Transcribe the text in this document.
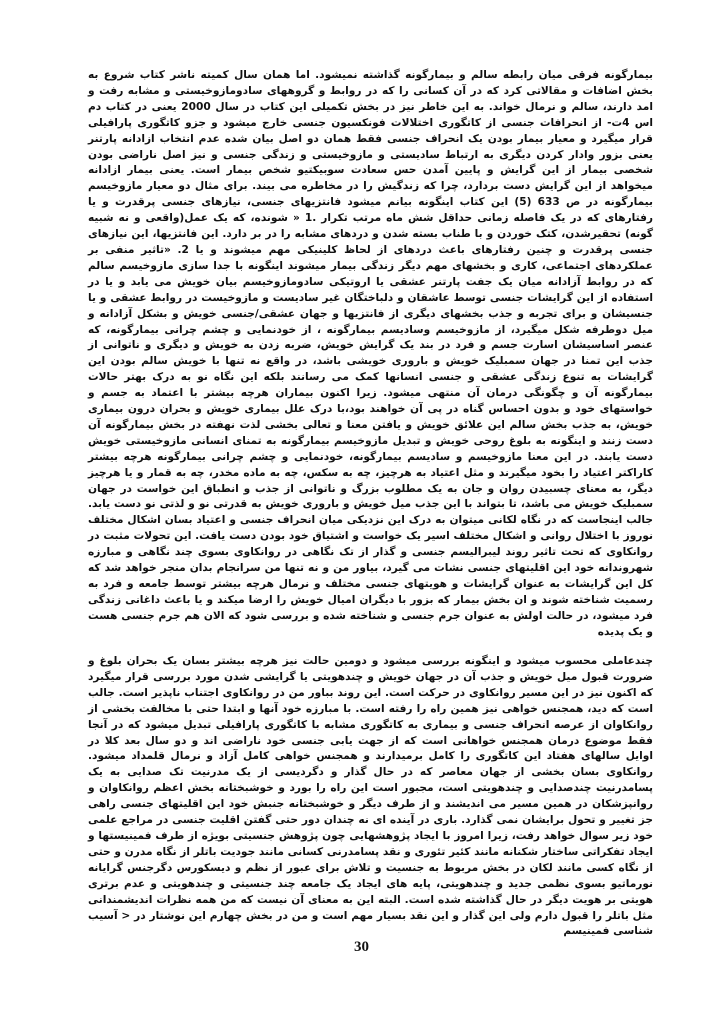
بیمارگونه فرقی میان رابطه سالم و بیمارگونه گذاشته نمیشود. اما همان سال کمیته ناشر کتاب شروع به بخش اضافات و مقالاتی کرد که در آن کسانی را که در روابط و گروههای سادومازوخیستی و مشابه رفت و امد دارند، سالم و نرمال خواند. به این خاطر نیز در بخش تکمیلی این کتاب در سال 2000 یعنی در کتاب دم اس 4ت- از انحرافات جنسی از کاتگوری اختلالات فونکسیون جنسی خارج میشود و جزو کاتگوری پارافیلی قرار میگیرد و معیار بیمار بودن یک انحراف جنسی فقط همان دو اصل بیان شده عدم انتخاب ازادانه پارتنر یعنی بزور وادار کردن دیگری به ارتباط سادیستی و مازوخیستی و زندگی جنسی و نیز اصل ناراضی بودن شخصی بیمار از این گرایش و پایین آمدن حس سعادت سوبیکتیو شخص بیمار است. یعنی بیمار ازادانه میخواهد از این گرایش دست بردارد، چرا که زندگیش را در مخاطره می بیند. برای مثال دو معیار مازوخیسم بیمارگونه در ص 633 (5) این کتاب اینگونه بیانم میشود فانتزیهای جنسی، نیازهای جنسی پرقدرت و یا رفتارهای که در یک فاصله زمانی حداقل شش ماه مرتب تکرار .1 « شونده، که یک عمل(واقعی و نه شبیه گونه) تحقیرشدن، کتک خوردن و با طناب بسته شدن و دردهای مشابه را در بر دارد. این فانتزیها، این نیازهای جنسی پرقدرت و چنین رفتارهای باعث دردهای از لحاظ کلینیکی مهم میشوند و یا 2. «تاثیر منفی بر عملکردهای اجتماعی، کاری و بخشهای مهم دیگر زندگی بیمار میشوند اینگونه با جدا سازی مازوخیسم سالم که در روابط آزادانه میان یک جفت پارتنر عشقی یا اروتیکی سادومازوخیسم بیان خویش می یابد و یا در استفاده از این گرایشات جنسی توسط عاشقان و دلباختگان غیر سادیست و مازوخیست در روابط عشقی و یا جنسیشان و برای تجربه و جذب بخشهای دیگری از فانتزیها و جهان عشقی/جنسی خویش و بشکل آزادانه و میل دوطرفه شکل میگیرد، از مازوخیسم وسادیسم بیمارگونه ، از خودنمایی و چشم چرانی بیمارگونه، که عنصر اساسیشان اسارت جسم و فرد در بند یک گرایش خویش، ضربه زدن به خویش و دیگری و ناتوانی از جذب این تمنا در جهان سمبلیک خویش و باروری خویشی باشد، در واقع نه تنها با خویش سالم بودن این گرایشات به تنوع زندگی عشقی و جنسی انسانها کمک می رسانند بلکه این نگاه نو به درک بهتر حالات بیمارگونه آن و چگونگی درمان آن منتهی میشود. زیرا اکنون بیماران هرچه بیشتر با اعتماد به جسم و خواستهای خود و بدون احساس گناه در پی آن خواهند بود،با درک علل بیماری خویش و بحران درون بیماری خویش، به جذب بخش سالم این علائق خویش و یافتن معنا و تعالی بخشی لذت نهفته در بخش بیمارگونه آن دست زنند و اینگونه به بلوغ روحی خویش و تبدیل مازوخیسم بیمارگونه به تمنای انسانی مازوخیستی خویش دست یابند. در این معنا مازوخیسم و سادیسم بیمارگونه، خودنمایی و چشم چرانی بیمارگونه هرچه بیشتر کاراکتر اعتیاد را بخود میگیرند و مثل اعتیاد به هرچیز، چه به سکس، چه به ماده مخدر، چه به قمار و یا هرچیز دیگر، به معنای چسبیدن روان و جان به یک مطلوب بزرگ و ناتوانی از جذب و انطباق این خواست در جهان سمبلیک خویش می باشد، تا بتواند با این جذب میل خویش و باروری خویش به قدرتی نو و لذتی نو دست یابد. جالب اینجاست که در نگاه لکانی میتوان به درک این نزدیکی میان انحراف جنسی و اعتیاد بسان اشکال مختلف نوروز با اختلال روانی و اشکال مختلف اسیر یک خواست و اشتیاق خود بودن دست یافت. این تحولات مثبت در روانکاوی که تحت تاثیر روند لیبرالیسم جنسی و گذار از تک نگاهی در روانکاوی بسوی چند نگاهی و مبارزه شهروندانه خود این اقلیتهای جنسی نشات می گیرد، بیاور من و نه تنها من سرانجام بدان منجر خواهد شد که کل این گرایشات به عنوان گرایشات و هویتهای جنسی مختلف و نرمال هرچه بیشتر توسط جامعه و فرد به رسمیت شناخته شوند و ان بخش بیمار که بزور با دیگران امیال خویش را ارضا میکند و یا باعث داغانی زندگی فرد میشود، در حالت اولش به عنوان جرم جنسی و شناخته شده و بررسی شود که الان هم جرم جنسی هست و یک پدیده

چندعاملی محسوب میشود و اینگونه بررسی میشود و دومین حالت نیز هرچه بیشتر بسان یک بحران بلوغ و ضرورت قبول میل خویش و جذب آن در جهان خویش و چندهویتی یا گرایشی شدن مورد بررسی قرار میگیرد که اکنون نیز در این مسیر روانکاوی در حرکت است. این روند بباور من در روانکاوی اجتناب ناپذیر است. جالب است که دید، همجنس خواهی نیز همین راه را رفته است. با مبارزه خود آنها و ابتدا حتی با مخالفت بخشی از روانکاوان از عرصه انحراف جنسی و بیماری به کاتگوری مشابه با کاتگوری پارافیلی تبدیل میشود که در آنجا فقط موضوع درمان همجنس خواهانی است که از جهت یابی جنسی خود ناراضی اند و دو سال بعد کلا در اوایل سالهای هفتاد این کاتگوری را کامل برمیدارند و همجنس خواهی کامل آزاد و نرمال قلمداد میشود. روانکاوی بسان بخشی از جهان معاصر که در حال گذار و دگردیسی از یک مدرنیت تک صدایی به یک پسامدرنیت چندصدایی و چندهویتی است، مجبور است این راه را بورد و خوشبختانه بخش اعظم روانکاوان و روانپزشکان در همین مسیر می اندیشند و از طرف دیگر و خوشبختانه جنبش خود این اقلیتهای جنسی راهی جز تغییر و تحول برایشان نمی گذارد. باری در آینده ای نه چندان دور حتی گفتن اقلیت جنسی در مراجع علمی خود زیر سوال خواهد رفت، زیرا امروز با ایجاد پژوهشهایی چون پژوهش جنسیتی بویژه از طرف فمینیستها و ایجاد تفکراتی ساختار شکنانه مانند کئیر تئوری و نقد پسامدرنی کسانی مانند جودیت باتلر از نگاه مدرن و حتی از نگاه کسی مانند لکان در بخش مربوط به جنسیت و تلاش برای عبور از نظم و دیسکورس دگرجنس گرایانه نورماتیو بسوی نظمی جدید و چندهویتی، پایه های ایجاد یک جامعه چند جنسیتی و چندهویتی و عدم برتری هویتی بر هویت دیگر در حال گذاشته شده است. البته این به معنای آن نیست که من همه نظرات اندیشمندانی مثل باتلر را قبول دارم ولی این گذار و این نقد بسیار مهم است و من در بخش چهارم این نوشتار در < آسیب شناسی فمینیسم

30
